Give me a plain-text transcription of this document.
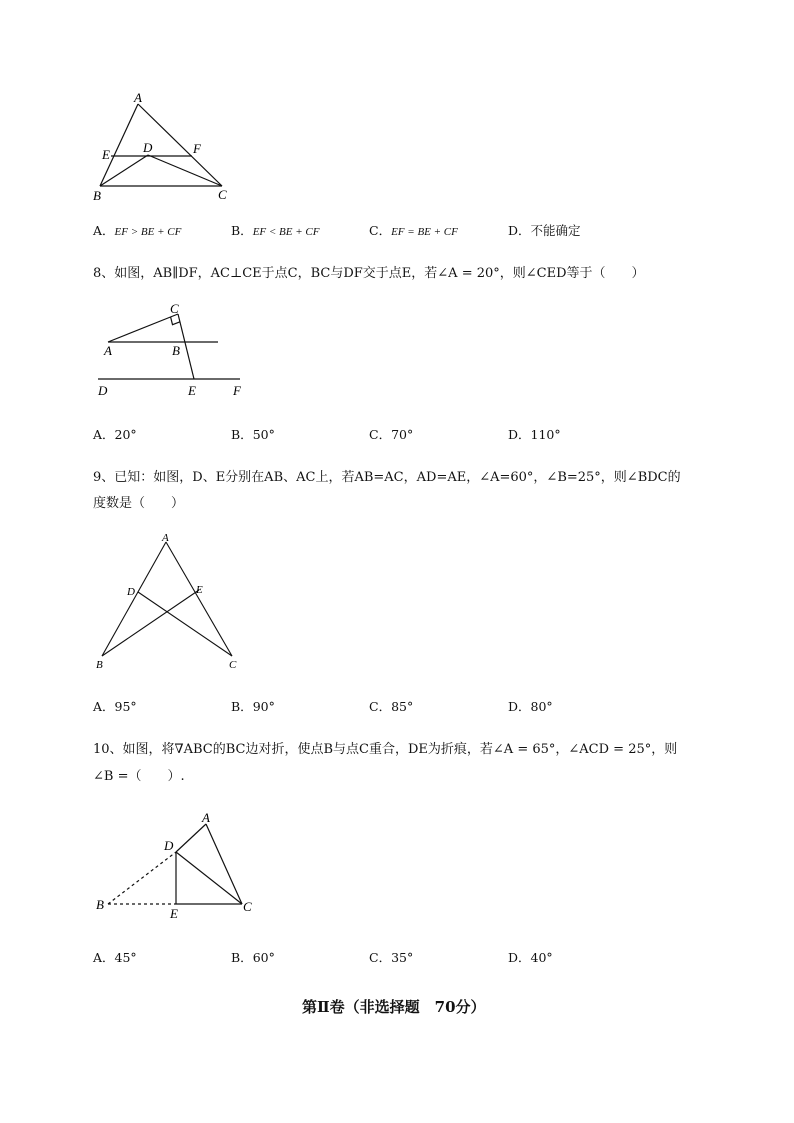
A
E	D	F
B	C
A．EF > BE + CF	B．EF < BE + CF	C．EF = BE + CF	D．不能确定
8、如图，AB∥DF，AC⊥CE于点C，BC与DF交于点E，若∠A = 20°，则∠CED等于（　　）
C
A	B
D	E	F
A．20°	B．50°	C．70°	D．110°
9、已知：如图，D、E分别在AB、AC上，若AB=AC，AD=AE，∠A=60°，∠B=25°，则∠BDC的
度数是（　　）
A
D	E
B	C
A．95°	B．90°	C．85°	D．80°
10、如图，将∇ABC的BC边对折，使点B与点C重合，DE为折痕，若∠A = 65°，∠ACD = 25°，则
∠B =（　　）.
A
D
B
E	C
A．45°	B．60°	C．35°	D．40°
第Ⅱ卷（非选择题　70分）
